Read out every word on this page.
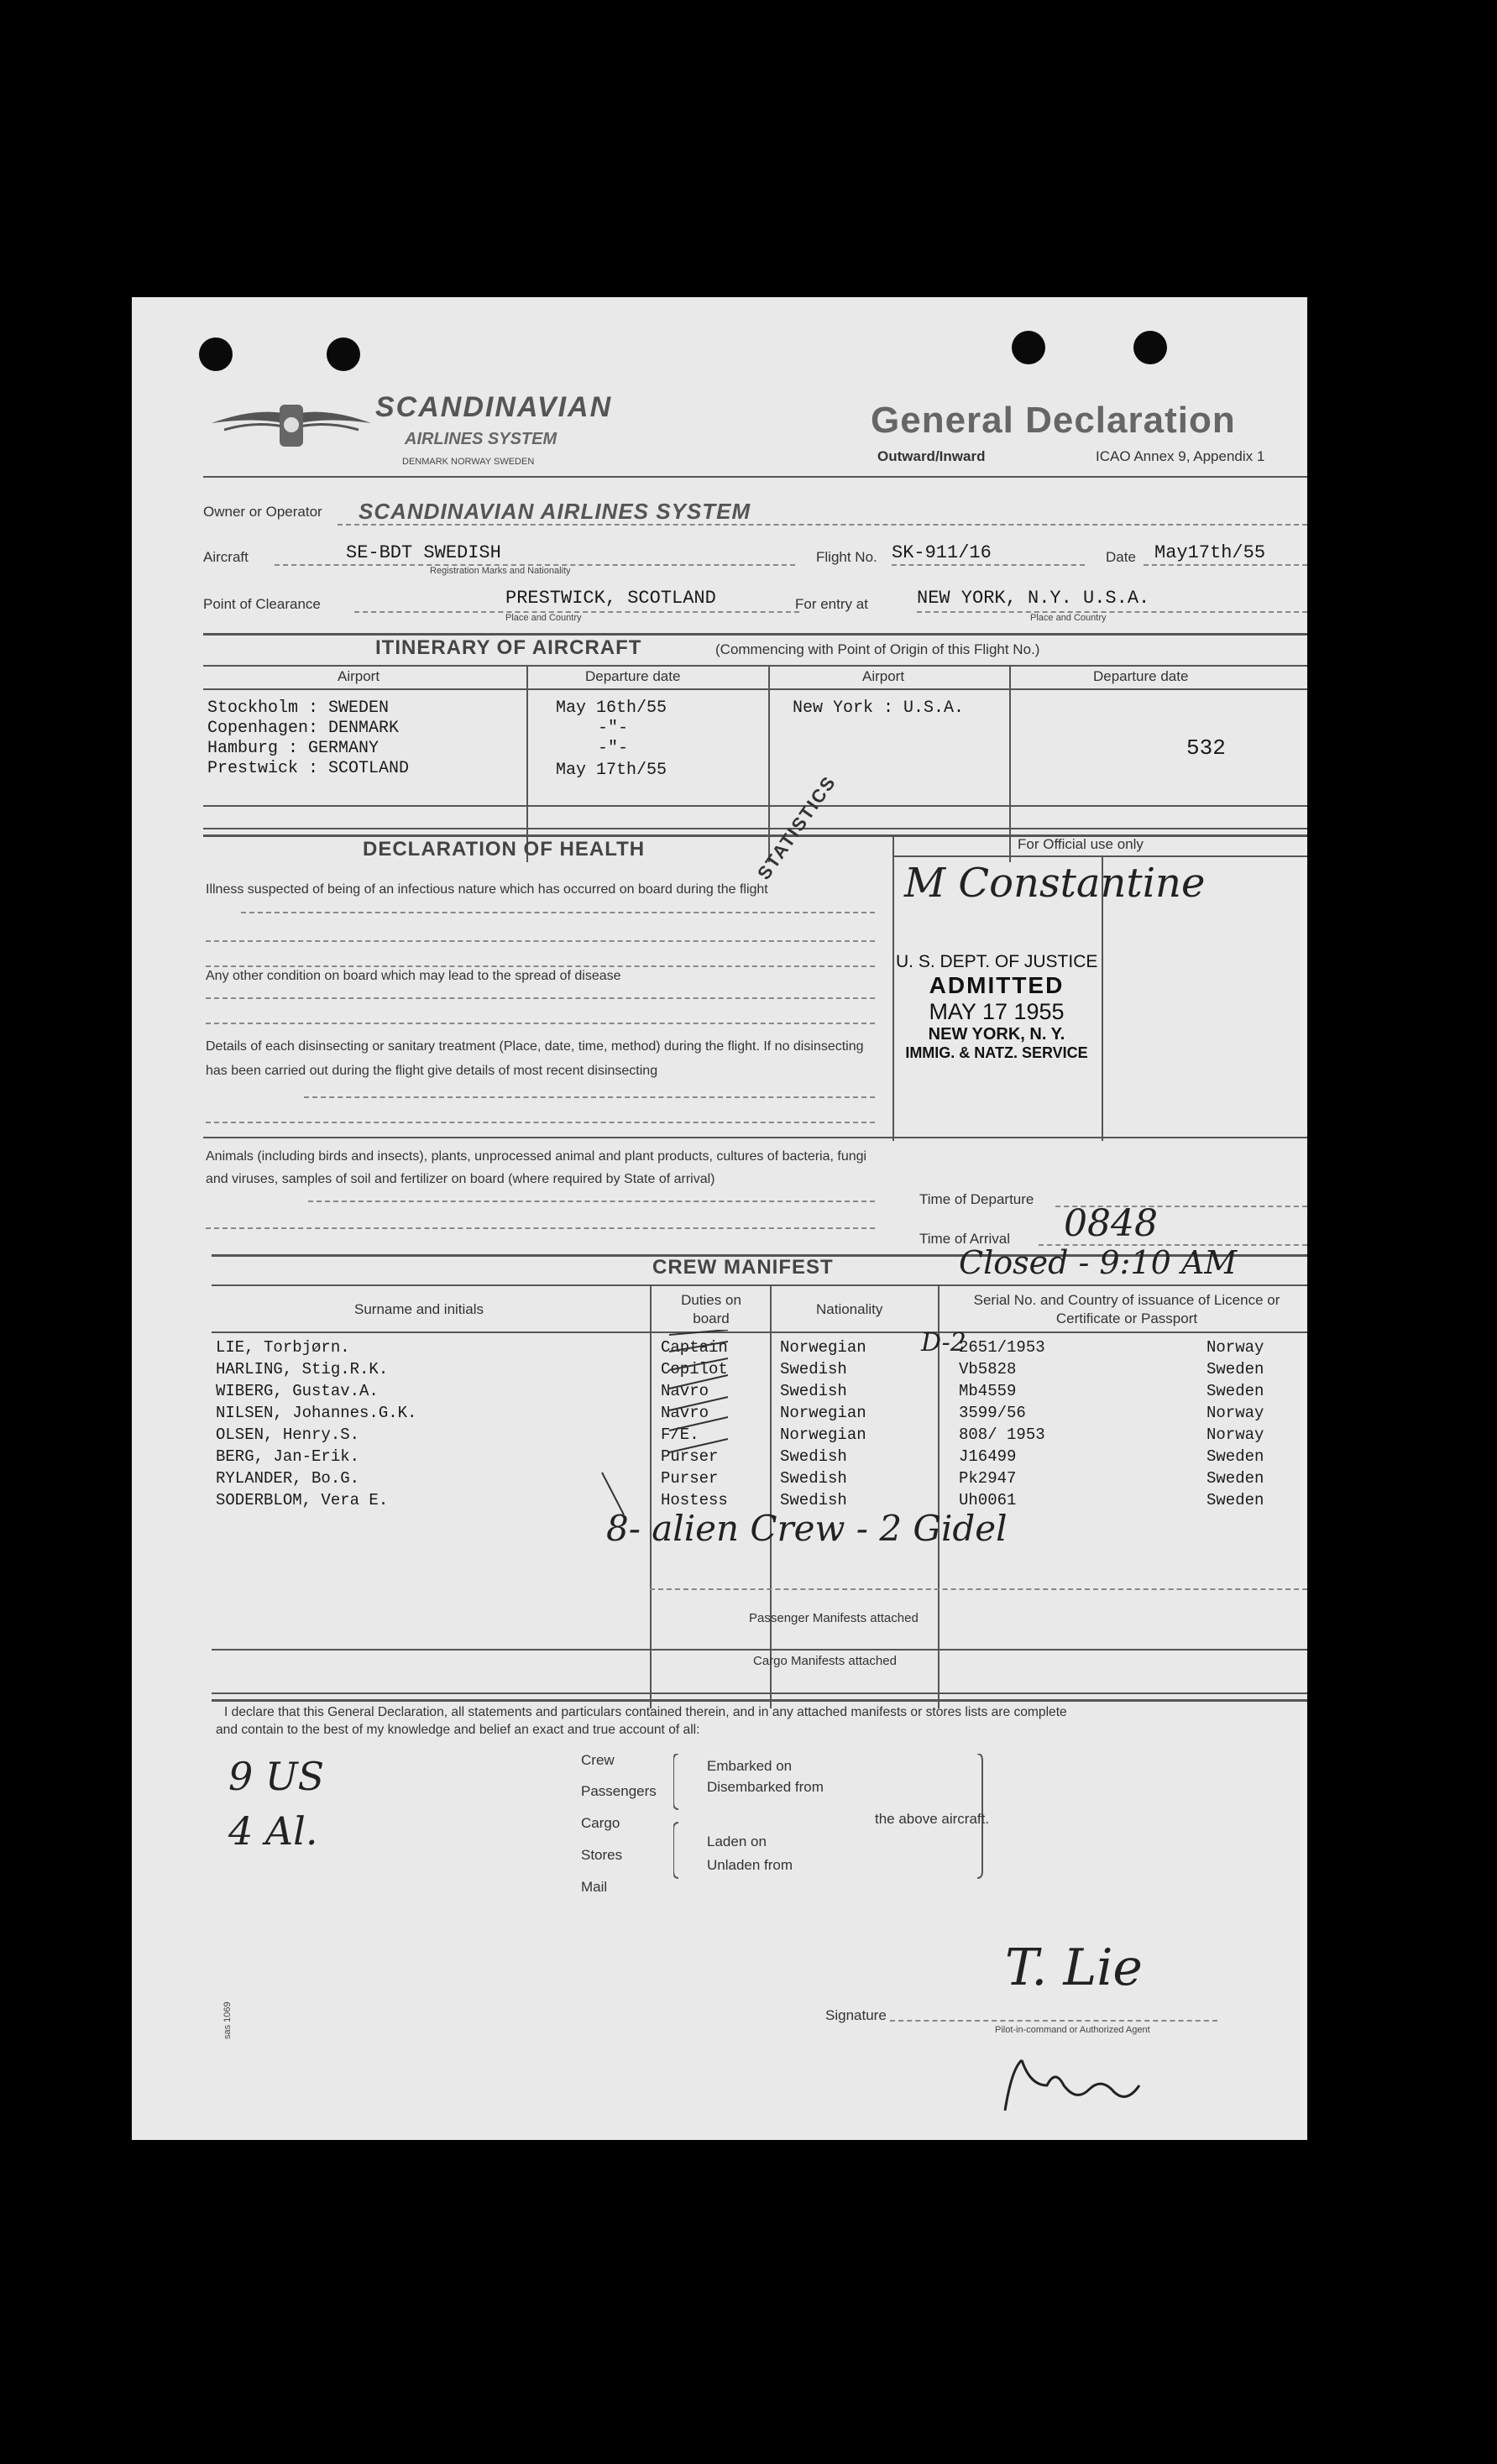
SCANDINAVIAN
AIRLINES SYSTEM
DENMARK NORWAY SWEDEN
General Declaration
Outward/Inward	ICAO Annex 9, Appendix 1
Owner or Operator SCANDINAVIAN AIRLINES SYSTEM
Aircraft	SE-BDT SWEDISH
Registration Marks and Nationality
Flight No. SK-911/16	Date May17th/55
Point of Clearance	PRESTWICK, SCOTLAND
Place and Country
For entry at	NEW YORK, N.Y. U.S.A.
Place and Country
ITINERARY OF AIRCRAFT	(Commencing with Point of Origin of this Flight No.)
Airport	Departure date	Airport	Departure date
Stockholm : SWEDEN	May 16th/55
Copenhagen: DENMARK	-"-
Hamburg : GERMANY	-"-
Prestwick : SCOTLAND	May 17th/55
New York : U.S.A.
532
DECLARATION OF HEALTH	STATISTICS
Illness suspected of being of an infectious nature which has occurred on board during the flight
Any other condition on board which may lead to the spread of disease
Details of each disinsecting or sanitary treatment (Place, date, time, method) during the flight. If no disinsecting has been carried out during the flight give details of most recent disinsecting
Animals (including birds and insects), plants, unprocessed animal and plant products, cultures of bacteria, fungi and viruses, samples of soil and fertilizer on board (where required by State of arrival)
For Official use only
M Constantine
U. S. DEPT. OF JUSTICE
ADMITTED
MAY 17 1955
NEW YORK, N. Y.
IMMIG. & NATZ. SERVICE
Time of Departure
Time of Arrival 0848
CREW MANIFEST	Closed - 9:10 AM
Surname and initials
Duties on board
Nationality
Serial No. and Country of issuance of Licence or Certificate or Passport
LIE, Torbjørn.	Captain	Norwegian	2651/1953	Norway
HARLING, Stig.R.K.	Copilot	Swedish	Vb5828	Sweden
WIBERG, Gustav.A.	Navro	Swedish	Mb4559	Sweden
NILSEN, Johannes.G.K.	Navro	Norwegian	3599/56	Norway
OLSEN, Henry.S.	F/E.	Norwegian	808/ 1953	Norway
BERG, Jan-Erik.	Purser	Swedish	J16499	Sweden
RYLANDER, Bo.G.	Purser	Swedish	Pk2947	Sweden
SODERBLOM, Vera E.	Hostess	Swedish	Uh0061	Sweden
D-2
8- alien Crew - 2 Gidel
Passenger Manifests attached
Cargo Manifests attached
I declare that this General Declaration, all statements and particulars contained therein, and in any attached manifests or stores lists are complete
and contain to the best of my knowledge and belief an exact and true account of all:
9 US
4 Al.
Crew
Passengers
Cargo
Stores
Mail
Embarked on
Disembarked from
Laden on
Unladen from
the above aircraft.
sas 1069	Signature
Pilot-in-command or Authorized Agent
T. Lie
